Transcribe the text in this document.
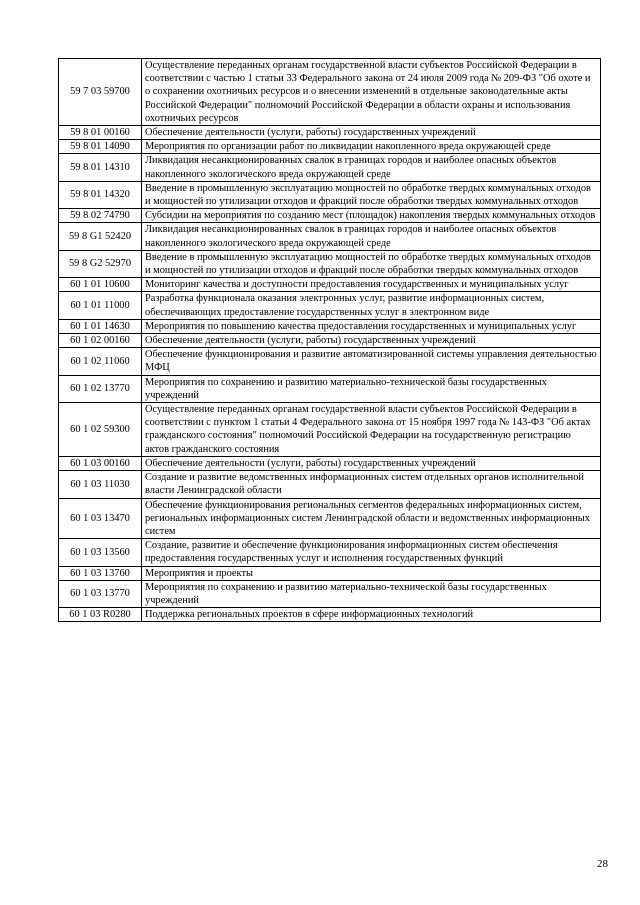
59 7 03 59700	Осуществление переданных органам государственной власти субъектов Российской Федерации в соответствии с частью 1 статьи 33 Федерального закона от 24 июля 2009 года № 209-ФЗ "Об охоте и о сохранении охотничьих ресурсов и о внесении изменений в отдельные законодательные акты Российской Федерации" полномочий Российской Федерации в области охраны и использования охотничьих ресурсов
59 8 01 00160	Обеспечение деятельности (услуги, работы) государственных учреждений
59 8 01 14090	Мероприятия по организации работ по ликвидации накопленного вреда окружающей среде
59 8 01 14310	Ликвидация несанкционированных свалок в границах городов и наиболее опасных объектов накопленного экологического вреда окружающей среде
59 8 01 14320	Введение в промышленную эксплуатацию мощностей по обработке твердых коммунальных отходов и мощностей по утилизации отходов и фракций после обработки твердых коммунальных отходов
59 8 02 74790	Субсидии на мероприятия по созданию мест (площадок) накопления твердых коммунальных отходов
59 8 G1 52420	Ликвидация несанкционированных свалок в границах городов и наиболее опасных объектов накопленного экологического вреда окружающей среде
59 8 G2 52970	Введение в промышленную эксплуатацию мощностей по обработке твердых коммунальных отходов и мощностей по утилизации отходов и фракций после обработки твердых коммунальных отходов
60 1 01 10600	Мониторинг качества и доступности предоставления государственных и муниципальных услуг
60 1 01 11000	Разработка функционала оказания электронных услуг, развитие информационных систем, обеспечивающих предоставление государственных услуг в электронном виде
60 1 01 14630	Мероприятия по повышению качества предоставления государственных и муниципальных услуг
60 1 02 00160	Обеспечение деятельности (услуги, работы) государственных учреждений
60 1 02 11060	Обеспечение функционирования и развитие автоматизированной системы управления деятельностью МФЦ
60 1 02 13770	Мероприятия по сохранению и развитию материально-технической базы государственных учреждений
60 1 02 59300	Осуществление переданных органам государственной власти субъектов Российской Федерации в соответствии с пунктом 1 статьи 4 Федерального закона от 15 ноября 1997 года № 143-ФЗ "Об актах гражданского состояния" полномочий Российской Федерации на государственную регистрацию актов гражданского состояния
60 1 03 00160	Обеспечение деятельности (услуги, работы) государственных учреждений
60 1 03 11030	Создание и развитие ведомственных информационных систем отдельных органов исполнительной власти Ленинградской области
60 1 03 13470	Обеспечение функционирования региональных сегментов федеральных информационных систем, региональных информационных систем Ленинградской области и ведомственных информационных систем
60 1 03 13560	Создание, развитие и обеспечение функционирования информационных систем обеспечения предоставления государственных услуг и исполнения государственных функций
60 1 03 13760	Мероприятия и проекты
60 1 03 13770	Мероприятия по сохранению и развитию материально-технической базы государственных учреждений
60 1 03 R0280	Поддержка региональных проектов в сфере информационных технологий
28
